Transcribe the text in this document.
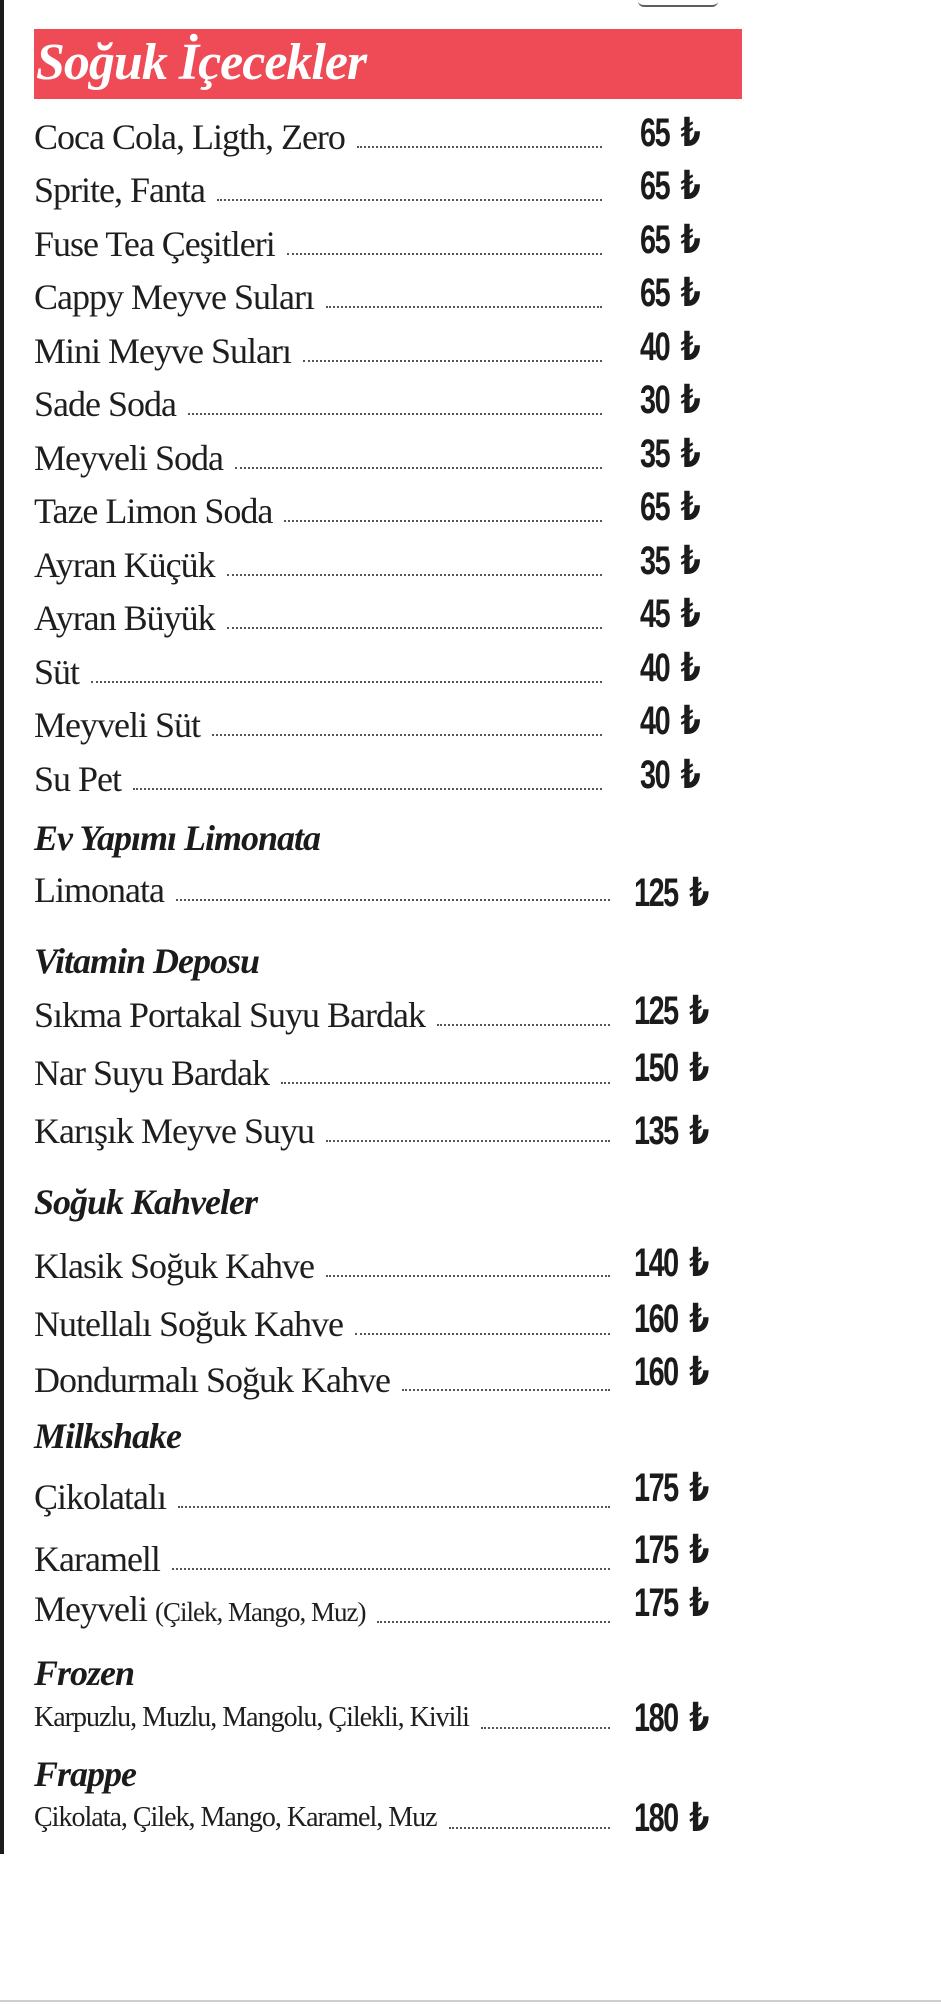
Soğuk İçecekler
Coca Cola, Ligth, Zero	65 ₺
Sprite, Fanta	65 ₺
Fuse Tea Çeşitleri	65 ₺
Cappy Meyve Suları	65 ₺
Mini Meyve Suları	40 ₺
Sade Soda	30 ₺
Meyveli Soda	35 ₺
Taze Limon Soda	65 ₺
Ayran Küçük	35 ₺
Ayran Büyük	45 ₺
Süt	40 ₺
Meyveli Süt	40 ₺
Su Pet	30 ₺
Ev Yapımı Limonata
Limonata	125 ₺
Vitamin Deposu
Sıkma Portakal Suyu Bardak	125 ₺
Nar Suyu Bardak	150 ₺
Karışık Meyve Suyu	135 ₺
Soğuk Kahveler
Klasik Soğuk Kahve	140 ₺
Nutellalı Soğuk Kahve	160 ₺
Dondurmalı Soğuk Kahve	160 ₺
Milkshake
Çikolatalı	175 ₺
Karamell	175 ₺
Meyveli (Çilek, Mango, Muz)	175 ₺
Frozen
Karpuzlu, Muzlu, Mangolu, Çilekli, Kivili	180 ₺
Frappe
Çikolata, Çilek, Mango, Karamel, Muz	180 ₺
